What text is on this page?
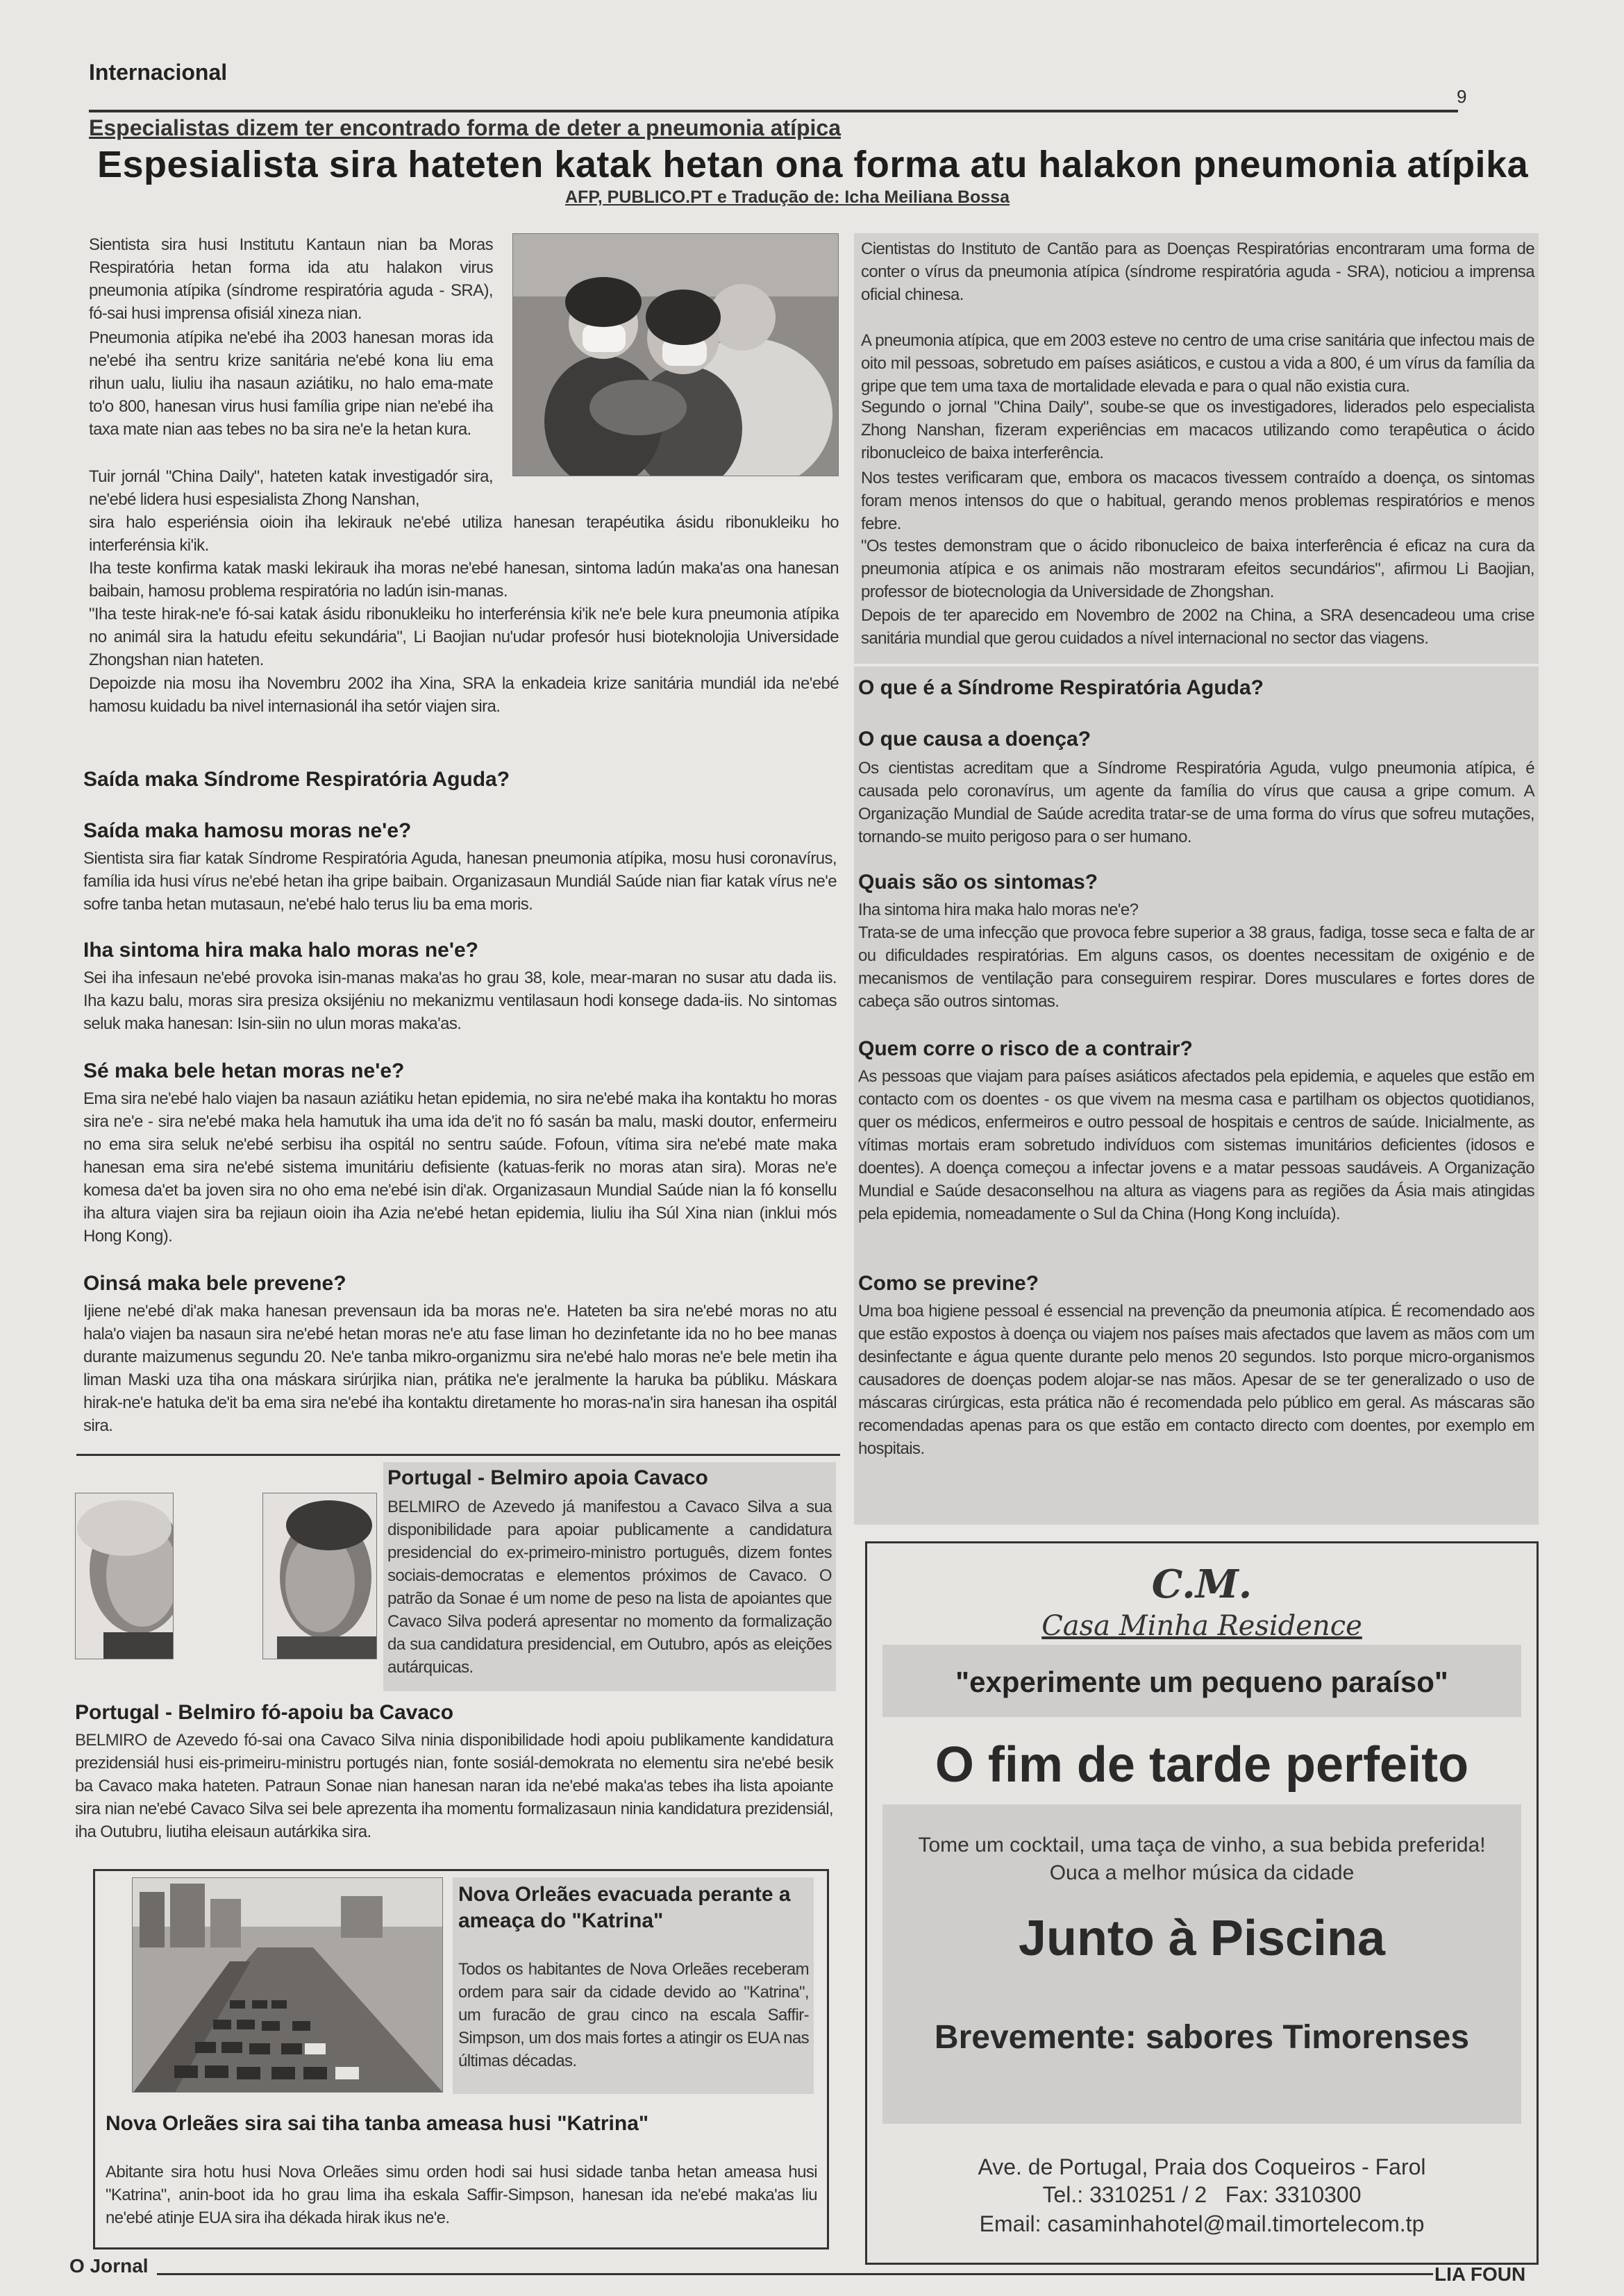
Internacional
9
Especialistas dizem ter encontrado forma de deter a pneumonia atípica
Espesialista sira hateten katak hetan ona forma atu halakon pneumonia atípika
AFP, PUBLICO.PT e Tradução de: Icha Meiliana Bossa
Sientista sira husi Institutu Kantaun nian ba Moras Respiratória hetan forma ida atu halakon virus pneumonia atípika (síndrome respiratória aguda - SRA), fó-sai husi imprensa ofisiál xineza nian.
Pneumonia atípika ne'ebé iha 2003 hanesan moras ida ne'ebé iha sentru krize sanitária ne'ebé kona liu ema rihun ualu, liuliu iha nasaun aziátiku, no halo ema-mate to'o 800, hanesan virus husi família gripe nian ne'ebé iha taxa mate nian aas tebes no ba sira ne'e la hetan kura.
Tuir jornál "China Daily", hateten katak investigadór sira, ne'ebé lidera husi espesialista Zhong Nanshan,
sira halo esperiénsia oioin iha lekirauk ne'ebé utiliza hanesan terapéutika ásidu ribonukleiku ho interferénsia ki'ik.
Iha teste konfirma katak maski lekirauk iha moras ne'ebé hanesan, sintoma ladún maka'as ona hanesan baibain, hamosu problema respiratória no ladún isin-manas.
"Iha teste hirak-ne'e fó-sai katak ásidu ribonukleiku ho interferénsia ki'ik ne'e bele kura pneumonia atípika no animál sira la hatudu efeitu sekundária", Li Baojian nu'udar profesór husi bioteknolojia Universidade Zhongshan nian hateten.
Depoizde nia mosu iha Novembru 2002 iha Xina, SRA la enkadeia krize sanitária mundiál ida ne'ebé hamosu kuidadu ba nivel internasionál iha setór viajen sira.
Cientistas do Instituto de Cantão para as Doenças Respiratórias encontraram uma forma de conter o vírus da pneumonia atípica (síndrome respiratória aguda - SRA), noticiou a imprensa oficial chinesa.
A pneumonia atípica, que em 2003 esteve no centro de uma crise sanitária que infectou mais de oito mil pessoas, sobretudo em países asiáticos, e custou a vida a 800, é um vírus da família da gripe que tem uma taxa de mortalidade elevada e para o qual não existia cura.
Segundo o jornal "China Daily", soube-se que os investigadores, liderados pelo especialista Zhong Nanshan, fizeram experiências em macacos utilizando como terapêutica o ácido ribonucleico de baixa interferência.
Nos testes verificaram que, embora os macacos tivessem contraído a doença, os sintomas foram menos intensos do que o habitual, gerando menos problemas respiratórios e menos febre.
"Os testes demonstram que o ácido ribonucleico de baixa interferência é eficaz na cura da pneumonia atípica e os animais não mostraram efeitos secundários", afirmou Li Baojian, professor de biotecnologia da Universidade de Zhongshan.
Depois de ter aparecido em Novembro de 2002 na China, a SRA desencadeou uma crise sanitária mundial que gerou cuidados a nível internacional no sector das viagens.
Saída maka Síndrome Respiratória Aguda?
Saída maka hamosu moras ne'e?
Sientista sira fiar katak Síndrome Respiratória Aguda, hanesan pneumonia atípika, mosu husi coronavírus, família ida husi vírus ne'ebé hetan iha gripe baibain. Organizasaun Mundiál Saúde nian fiar katak vírus ne'e sofre tanba hetan mutasaun, ne'ebé halo terus liu ba ema moris.
Iha sintoma hira maka halo moras ne'e?
Sei iha infesaun ne'ebé provoka isin-manas maka'as ho grau 38, kole, mear-maran no susar atu dada iis. Iha kazu balu, moras sira presiza oksijéniu no mekanizmu ventilasaun hodi konsege dada-iis. No sintomas seluk maka hanesan: Isin-siin no ulun moras maka'as.
Sé maka bele hetan moras ne'e?
Ema sira ne'ebé halo viajen ba nasaun aziátiku hetan epidemia, no sira ne'ebé maka iha kontaktu ho moras sira ne'e - sira ne'ebé maka hela hamutuk iha uma ida de'it no fó sasán ba malu, maski doutor, enfermeiru no ema sira seluk ne'ebé serbisu iha ospitál no sentru saúde. Fofoun, vítima sira ne'ebé mate maka hanesan ema sira ne'ebé sistema imunitáriu defisiente (katuas-ferik no moras atan sira). Moras ne'e komesa da'et ba joven sira no oho ema ne'ebé isin di'ak. Organizasaun Mundial Saúde nian la fó konsellu iha altura viajen sira ba rejiaun oioin iha Azia ne'ebé hetan epidemia, liuliu iha Súl Xina nian (inklui mós Hong Kong).
Oinsá maka bele prevene?
Ijiene ne'ebé di'ak maka hanesan prevensaun ida ba moras ne'e. Hateten ba sira ne'ebé moras no atu hala'o viajen ba nasaun sira ne'ebé hetan moras ne'e atu fase liman ho dezinfetante ida no ho bee manas durante maizumenus segundu 20. Ne'e tanba mikro-organizmu sira ne'ebé halo moras ne'e bele metin iha liman Maski uza tiha ona máskara sirúrjika nian, prátika ne'e jeralmente la haruka ba públiku. Máskara hirak-ne'e hatuka de'it ba ema sira ne'ebé iha kontaktu diretamente ho moras-na'in sira hanesan iha ospitál sira.
O que é a Síndrome Respiratória Aguda?
O que causa a doença?
Os cientistas acreditam que a Síndrome Respiratória Aguda, vulgo pneumonia atípica, é causada pelo coronavírus, um agente da família do vírus que causa a gripe comum. A Organização Mundial de Saúde acredita tratar-se de uma forma do vírus que sofreu mutações, tornando-se muito perigoso para o ser humano.
Quais são os sintomas?
Iha sintoma hira maka halo moras ne'e?
Trata-se de uma infecção que provoca febre superior a 38 graus, fadiga, tosse seca e falta de ar ou dificuldades respiratórias. Em alguns casos, os doentes necessitam de oxigénio e de mecanismos de ventilação para conseguirem respirar. Dores musculares e fortes dores de cabeça são outros sintomas.
Quem corre o risco de a contrair?
As pessoas que viajam para países asiáticos afectados pela epidemia, e aqueles que estão em contacto com os doentes - os que vivem na mesma casa e partilham os objectos quotidianos, quer os médicos, enfermeiros e outro pessoal de hospitais e centros de saúde. Inicialmente, as vítimas mortais eram sobretudo indivíduos com sistemas imunitários deficientes (idosos e doentes). A doença começou a infectar jovens e a matar pessoas saudáveis. A Organização Mundial e Saúde desaconselhou na altura as viagens para as regiões da Ásia mais atingidas pela epidemia, nomeadamente o Sul da China (Hong Kong incluída).
Como se previne?
Uma boa higiene pessoal é essencial na prevenção da pneumonia atípica. É recomendado aos que estão expostos à doença ou viajem nos países mais afectados que lavem as mãos com um desinfectante e água quente durante pelo menos 20 segundos. Isto porque micro-organismos causadores de doenças podem alojar-se nas mãos. Apesar de se ter generalizado o uso de máscaras cirúrgicas, esta prática não é recomendada pelo público em geral. As máscaras são recomendadas apenas para os que estão em contacto directo com doentes, por exemplo em hospitais.
Portugal - Belmiro apoia Cavaco
BELMIRO de Azevedo já manifestou a Cavaco Silva a sua disponibilidade para apoiar publicamente a candidatura presidencial do ex-primeiro-ministro português, dizem fontes sociais-democratas e elementos próximos de Cavaco. O patrão da Sonae é um nome de peso na lista de apoiantes que Cavaco Silva poderá apresentar no momento da formalização da sua candidatura presidencial, em Outubro, após as eleições autárquicas.
Portugal - Belmiro fó-apoiu ba Cavaco
BELMIRO de Azevedo fó-sai ona Cavaco Silva ninia disponibilidade hodi apoiu publikamente kandidatura prezidensiál husi eis-primeiru-ministru portugés nian, fonte sosiál-demokrata no elementu sira ne'ebé besik ba Cavaco maka hateten. Patraun Sonae nian hanesan naran ida ne'ebé maka'as tebes iha lista apoiante sira nian ne'ebé Cavaco Silva sei bele aprezenta iha momentu formalizasaun ninia kandidatura prezidensiál, iha Outubru, liutiha eleisaun autárkika sira.
Nova Orleães evacuada perante a ameaça do "Katrina"
Todos os habitantes de Nova Orleães receberam ordem para sair da cidade devido ao "Katrina", um furacão de grau cinco na escala Saffir-Simpson, um dos mais fortes a atingir os EUA nas últimas décadas.
Nova Orleães sira sai tiha tanba ameasa husi "Katrina"
Abitante sira hotu husi Nova Orleães simu orden hodi sai husi sidade tanba hetan ameasa husi "Katrina", anin-boot ida ho grau lima iha eskala Saffir-Simpson, hanesan ida ne'ebé maka'as liu ne'ebé atinje EUA sira iha dékada hirak ikus ne'e.
C.M.
Casa Minha Residence
"experimente um pequeno paraíso"
O fim de tarde perfeito
Tome um cocktail, uma taça de vinho, a sua bebida preferida!
Ouca a melhor música da cidade
Junto à Piscina
Brevemente: sabores Timorenses
Ave. de Portugal, Praia dos Coqueiros - Farol
Tel.: 3310251 / 2   Fax: 3310300
Email: casaminhahotel@mail.timortelecom.tp
O Jornal	LIA FOUN
